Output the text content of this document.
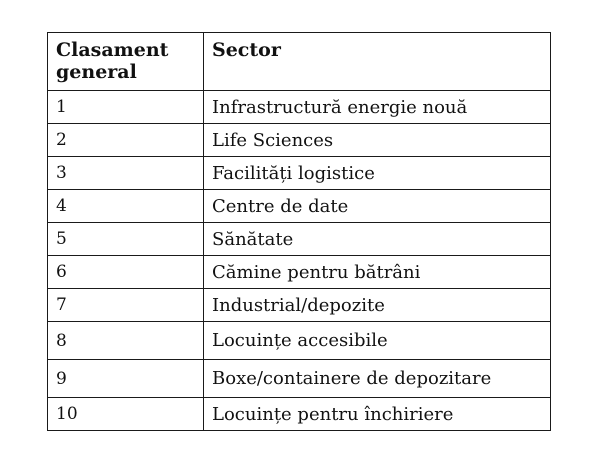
Clasament general	Sector
1	Infrastructură energie nouă
2	Life Sciences
3	Facilități logistice
4	Centre de date
5	Sănătate
6	Cămine pentru bătrâni
7	Industrial/depozite
8	Locuințe accesibile
9	Boxe/containere de depozitare
10	Locuințe pentru închiriere
